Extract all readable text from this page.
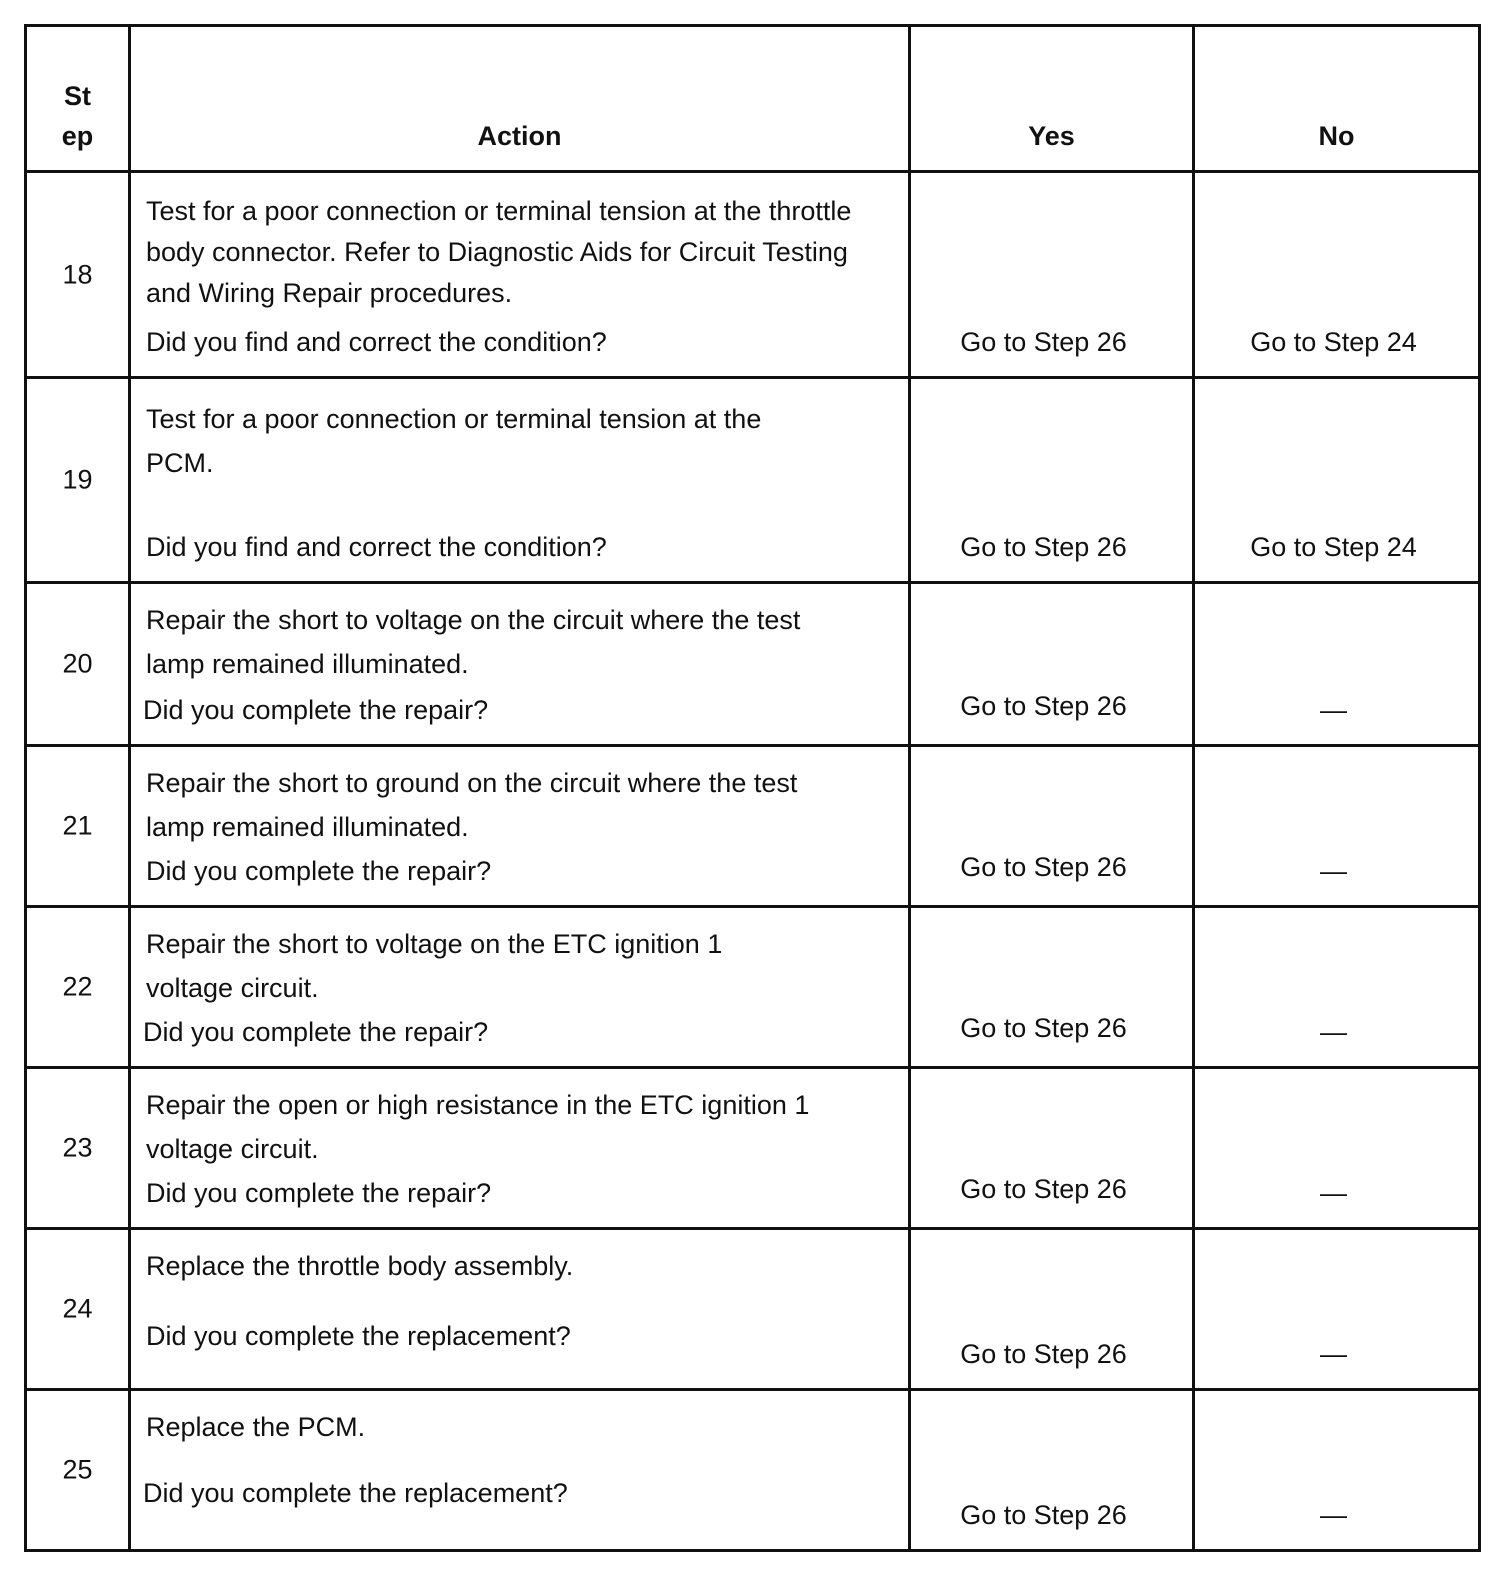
St ep	Action	Yes	No

18	Test for a poor connection or terminal tension at the throttle body connector. Refer to Diagnostic Aids for Circuit Testing and Wiring Repair procedures.
Did you find and correct the condition?	Go to Step 26	Go to Step 24

19	Test for a poor connection or terminal tension at the PCM.
Did you find and correct the condition?	Go to Step 26	Go to Step 24

20	Repair the short to voltage on the circuit where the test lamp remained illuminated.
Did you complete the repair?	Go to Step 26	—

21	Repair the short to ground on the circuit where the test lamp remained illuminated.
Did you complete the repair?	Go to Step 26	—

22	Repair the short to voltage on the ETC ignition 1 voltage circuit.
Did you complete the repair?	Go to Step 26	—

23	Repair the open or high resistance in the ETC ignition 1 voltage circuit.
Did you complete the repair?	Go to Step 26	—

24	Replace the throttle body assembly.
Did you complete the replacement?	Go to Step 26	—

25	Replace the PCM.
Did you complete the replacement?	Go to Step 26	—
